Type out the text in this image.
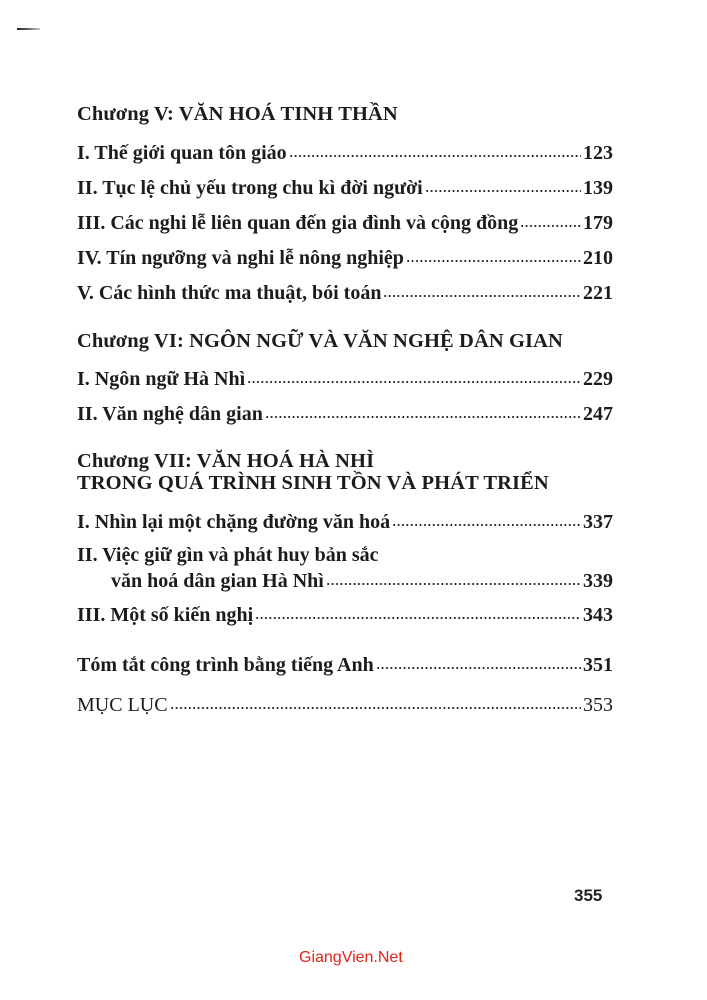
Chương V: VĂN HOÁ TINH THẦN
I. Thế giới quan tôn giáo	123
II. Tục lệ chủ yếu trong chu kì đời người	139
III. Các nghi lễ liên quan đến gia đình và cộng đồng	179
IV. Tín ngưỡng và nghi lễ nông nghiệp	210
V. Các hình thức ma thuật, bói toán	221
Chương VI: NGÔN NGỮ VÀ VĂN NGHỆ DÂN GIAN
I. Ngôn ngữ Hà Nhì	229
II. Văn nghệ dân gian	247
Chương VII: VĂN HOÁ HÀ NHÌ
TRONG QUÁ TRÌNH SINH TỒN VÀ PHÁT TRIỂN
I. Nhìn lại một chặng đường văn hoá	337
II. Việc giữ gìn và phát huy bản sắc
văn hoá dân gian Hà Nhì	339
III. Một số kiến nghị	343
Tóm tắt công trình bằng tiếng Anh	351
MỤC LỤC	353
355
GiangVien.Net
